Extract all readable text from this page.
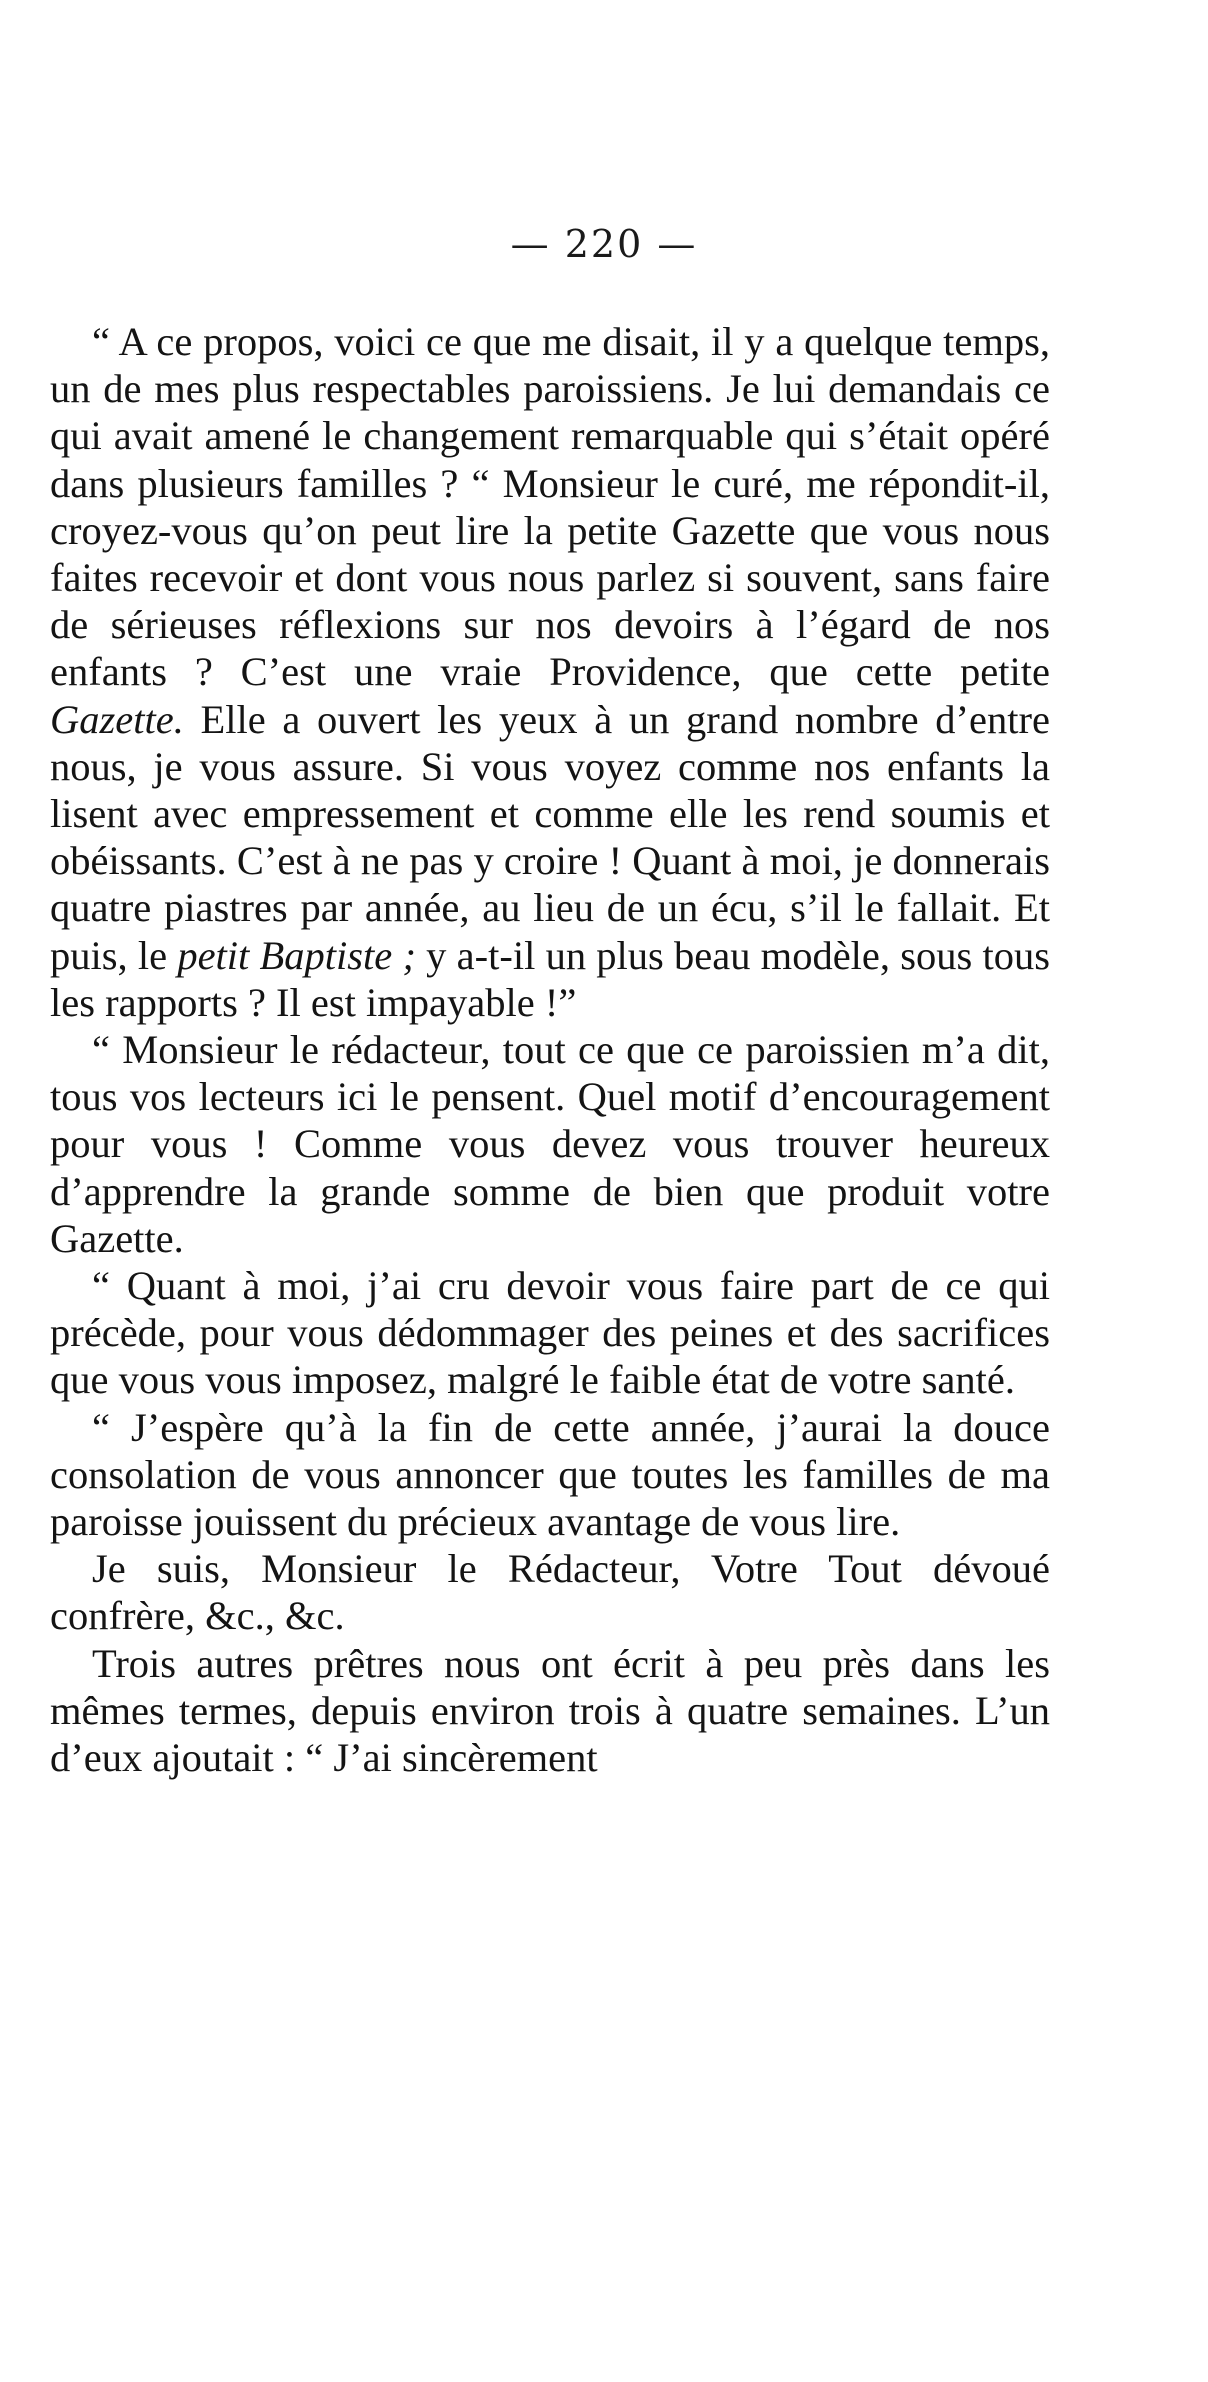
— 220 —

“ A ce propos, voici ce que me disait, il y a quelque temps, un de mes plus respectables paroissiens. Je lui demandais ce qui avait amené le changement remarquable qui s’était opéré dans plusieurs familles ? “ Monsieur le curé, me répondit-il, croyez-vous qu’on peut lire la petite Gazette que vous nous faites recevoir et dont vous nous parlez si souvent, sans faire de sérieuses réflexions sur nos devoirs à l’égard de nos enfants ? C’est une vraie Providence, que cette petite Gazette. Elle a ouvert les yeux à un grand nombre d’entre nous, je vous assure. Si vous voyez comme nos enfants la lisent avec empressement et comme elle les rend soumis et obéissants. C’est à ne pas y croire ! Quant à moi, je donnerais quatre piastres par année, au lieu de un écu, s’il le fallait. Et puis, le petit Baptiste ; y a-t-il un plus beau modèle, sous tous les rapports ? Il est impayable !”

“ Monsieur le rédacteur, tout ce que ce paroissien m’a dit, tous vos lecteurs ici le pensent. Quel motif d’encouragement pour vous ! Comme vous devez vous trouver heureux d’apprendre la grande somme de bien que produit votre Gazette.

“ Quant à moi, j’ai cru devoir vous faire part de ce qui précède, pour vous dédommager des peines et des sacrifices que vous vous imposez, malgré le faible état de votre santé.

“ J’espère qu’à la fin de cette année, j’aurai la douce consolation de vous annoncer que toutes les familles de ma paroisse jouissent du précieux avantage de vous lire.

Je suis, Monsieur le Rédacteur, Votre Tout dévoué confrère, &c., &c.

Trois autres prêtres nous ont écrit à peu près dans les mêmes termes, depuis environ trois à quatre semaines. L’un d’eux ajoutait : “ J’ai sincèrement
